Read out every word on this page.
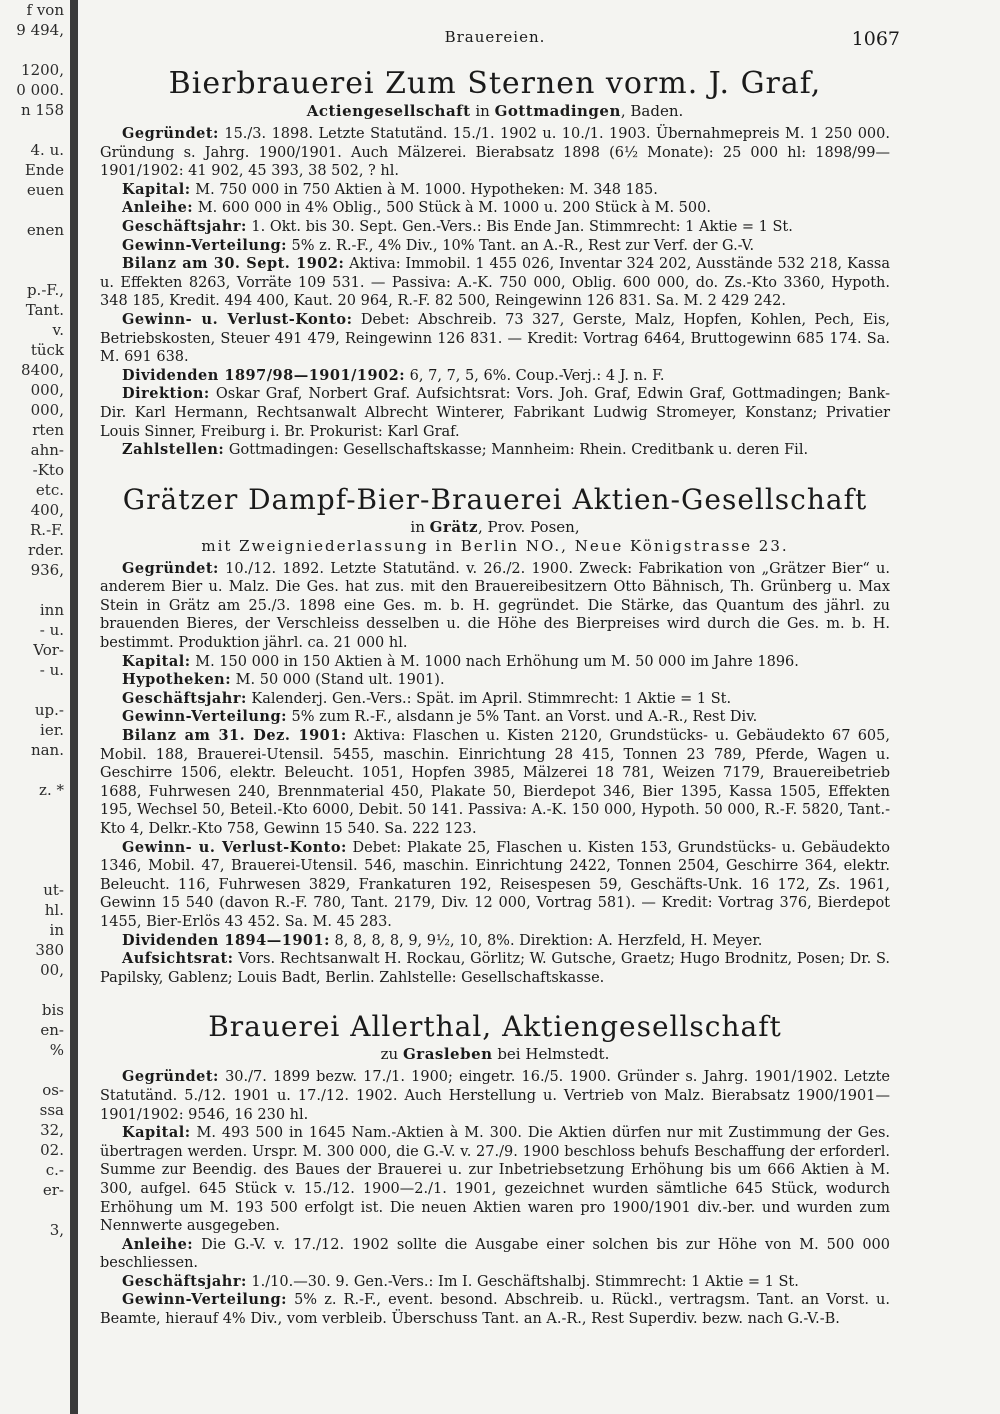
f von
9 494,

1200,
0 000.
n 158

4. u.
Ende
euen

enen

p.-F.,
Tant.
v.
tück
8400,
000,
000,
rten
ahn-
-Kto
etc.
400,
R.-F.
rder.
936,

inn
- u.
Vor-
- u.

up.-
ier.
nan.

z. *

ut-
hl.
in
380
00,

bis
en-
%

os-
ssa
32,
02.
c.-
er-

3,
Brauereien.	1067
Bierbrauerei Zum Sternen vorm. J. Graf,
Actiengesellschaft in Gottmadingen, Baden.

Gegründet: 15./3. 1898. Letzte Statutänd. 15./1. 1902 u. 10./1. 1903. Übernahmepreis M. 1 250 000. Gründung s. Jahrg. 1900/1901. Auch Mälzerei. Bierabsatz 1898 (6½ Monate): 25 000 hl: 1898/99—1901/1902: 41 902, 45 393, 38 502, ? hl.

Kapital: M. 750 000 in 750 Aktien à M. 1000. Hypotheken: M. 348 185.

Anleihe: M. 600 000 in 4% Oblig., 500 Stück à M. 1000 u. 200 Stück à M. 500.

Geschäftsjahr: 1. Okt. bis 30. Sept. Gen.-Vers.: Bis Ende Jan. Stimmrecht: 1 Aktie = 1 St.

Gewinn-Verteilung: 5% z. R.-F., 4% Div., 10% Tant. an A.-R., Rest zur Verf. der G.-V.

Bilanz am 30. Sept. 1902: Aktiva: Immobil. 1 455 026, Inventar 324 202, Ausstände 532 218, Kassa u. Effekten 8263, Vorräte 109 531. — Passiva: A.-K. 750 000, Oblig. 600 000, do. Zs.-Kto 3360, Hypoth. 348 185, Kredit. 494 400, Kaut. 20 964, R.-F. 82 500, Reingewinn 126 831. Sa. M. 2 429 242.

Gewinn- u. Verlust-Konto: Debet: Abschreib. 73 327, Gerste, Malz, Hopfen, Kohlen, Pech, Eis, Betriebskosten, Steuer 491 479, Reingewinn 126 831. — Kredit: Vortrag 6464, Bruttogewinn 685 174. Sa. M. 691 638.

Dividenden 1897/98—1901/1902: 6, 7, 7, 5, 6%. Coup.-Verj.: 4 J. n. F.

Direktion: Oskar Graf, Norbert Graf. Aufsichtsrat: Vors. Joh. Graf, Edwin Graf, Gottmadingen; Bank-Dir. Karl Hermann, Rechtsanwalt Albrecht Winterer, Fabrikant Ludwig Stromeyer, Konstanz; Privatier Louis Sinner, Freiburg i. Br. Prokurist: Karl Graf.

Zahlstellen: Gottmadingen: Gesellschaftskasse; Mannheim: Rhein. Creditbank u. deren Fil.

Grätzer Dampf-Bier-Brauerei Aktien-Gesellschaft
in Grätz, Prov. Posen,
mit Zweigniederlassung in Berlin NO., Neue Königstrasse 23.

Gegründet: 10./12. 1892. Letzte Statutänd. v. 26./2. 1900. Zweck: Fabrikation von „Grätzer Bier“ u. anderem Bier u. Malz. Die Ges. hat zus. mit den Brauereibesitzern Otto Bähnisch, Th. Grünberg u. Max Stein in Grätz am 25./3. 1898 eine Ges. m. b. H. gegründet. Die Stärke, das Quantum des jährl. zu brauenden Bieres, der Verschleiss desselben u. die Höhe des Bierpreises wird durch die Ges. m. b. H. bestimmt. Produktion jährl. ca. 21 000 hl.

Kapital: M. 150 000 in 150 Aktien à M. 1000 nach Erhöhung um M. 50 000 im Jahre 1896.

Hypotheken: M. 50 000 (Stand ult. 1901).

Geschäftsjahr: Kalenderj. Gen.-Vers.: Spät. im April. Stimmrecht: 1 Aktie = 1 St.

Gewinn-Verteilung: 5% zum R.-F., alsdann je 5% Tant. an Vorst. und A.-R., Rest Div.

Bilanz am 31. Dez. 1901: Aktiva: Flaschen u. Kisten 2120, Grundstücks- u. Gebäudekto 67 605, Mobil. 188, Brauerei-Utensil. 5455, maschin. Einrichtung 28 415, Tonnen 23 789, Pferde, Wagen u. Geschirre 1506, elektr. Beleucht. 1051, Hopfen 3985, Mälzerei 18 781, Weizen 7179, Brauereibetrieb 1688, Fuhrwesen 240, Brennmaterial 450, Plakate 50, Bierdepot 346, Bier 1395, Kassa 1505, Effekten 195, Wechsel 50, Beteil.-Kto 6000, Debit. 50 141. Passiva: A.-K. 150 000, Hypoth. 50 000, R.-F. 5820, Tant.-Kto 4, Delkr.-Kto 758, Gewinn 15 540. Sa. 222 123.

Gewinn- u. Verlust-Konto: Debet: Plakate 25, Flaschen u. Kisten 153, Grundstücks- u. Gebäudekto 1346, Mobil. 47, Brauerei-Utensil. 546, maschin. Einrichtung 2422, Tonnen 2504, Geschirre 364, elektr. Beleucht. 116, Fuhrwesen 3829, Frankaturen 192, Reisespesen 59, Geschäfts-Unk. 16 172, Zs. 1961, Gewinn 15 540 (davon R.-F. 780, Tant. 2179, Div. 12 000, Vortrag 581). — Kredit: Vortrag 376, Bierdepot 1455, Bier-Erlös 43 452. Sa. M. 45 283.

Dividenden 1894—1901: 8, 8, 8, 8, 9, 9½, 10, 8%. Direktion: A. Herzfeld, H. Meyer.

Aufsichtsrat: Vors. Rechtsanwalt H. Rockau, Görlitz; W. Gutsche, Graetz; Hugo Brodnitz, Posen; Dr. S. Papilsky, Gablenz; Louis Badt, Berlin. Zahlstelle: Gesellschaftskasse.

Brauerei Allerthal, Aktiengesellschaft
zu Grasleben bei Helmstedt.

Gegründet: 30./7. 1899 bezw. 17./1. 1900; eingetr. 16./5. 1900. Gründer s. Jahrg. 1901/1902. Letzte Statutänd. 5./12. 1901 u. 17./12. 1902. Auch Herstellung u. Vertrieb von Malz. Bierabsatz 1900/1901—1901/1902: 9546, 16 230 hl.

Kapital: M. 493 500 in 1645 Nam.-Aktien à M. 300. Die Aktien dürfen nur mit Zustimmung der Ges. übertragen werden. Urspr. M. 300 000, die G.-V. v. 27./9. 1900 beschloss behufs Beschaffung der erforderl. Summe zur Beendig. des Baues der Brauerei u. zur Inbetriebsetzung Erhöhung bis um 666 Aktien à M. 300, aufgel. 645 Stück v. 15./12. 1900—2./1. 1901, gezeichnet wurden sämtliche 645 Stück, wodurch Erhöhung um M. 193 500 erfolgt ist. Die neuen Aktien waren pro 1900/1901 div.-ber. und wurden zum Nennwerte ausgegeben.

Anleihe: Die G.-V. v. 17./12. 1902 sollte die Ausgabe einer solchen bis zur Höhe von M. 500 000 beschliessen.

Geschäftsjahr: 1./10.—30. 9. Gen.-Vers.: Im I. Geschäftshalbj. Stimmrecht: 1 Aktie = 1 St.

Gewinn-Verteilung: 5% z. R.-F., event. besond. Abschreib. u. Rückl., vertragsm. Tant. an Vorst. u. Beamte, hierauf 4% Div., vom verbleib. Überschuss Tant. an A.-R., Rest Superdiv. bezw. nach G.-V.-B.
